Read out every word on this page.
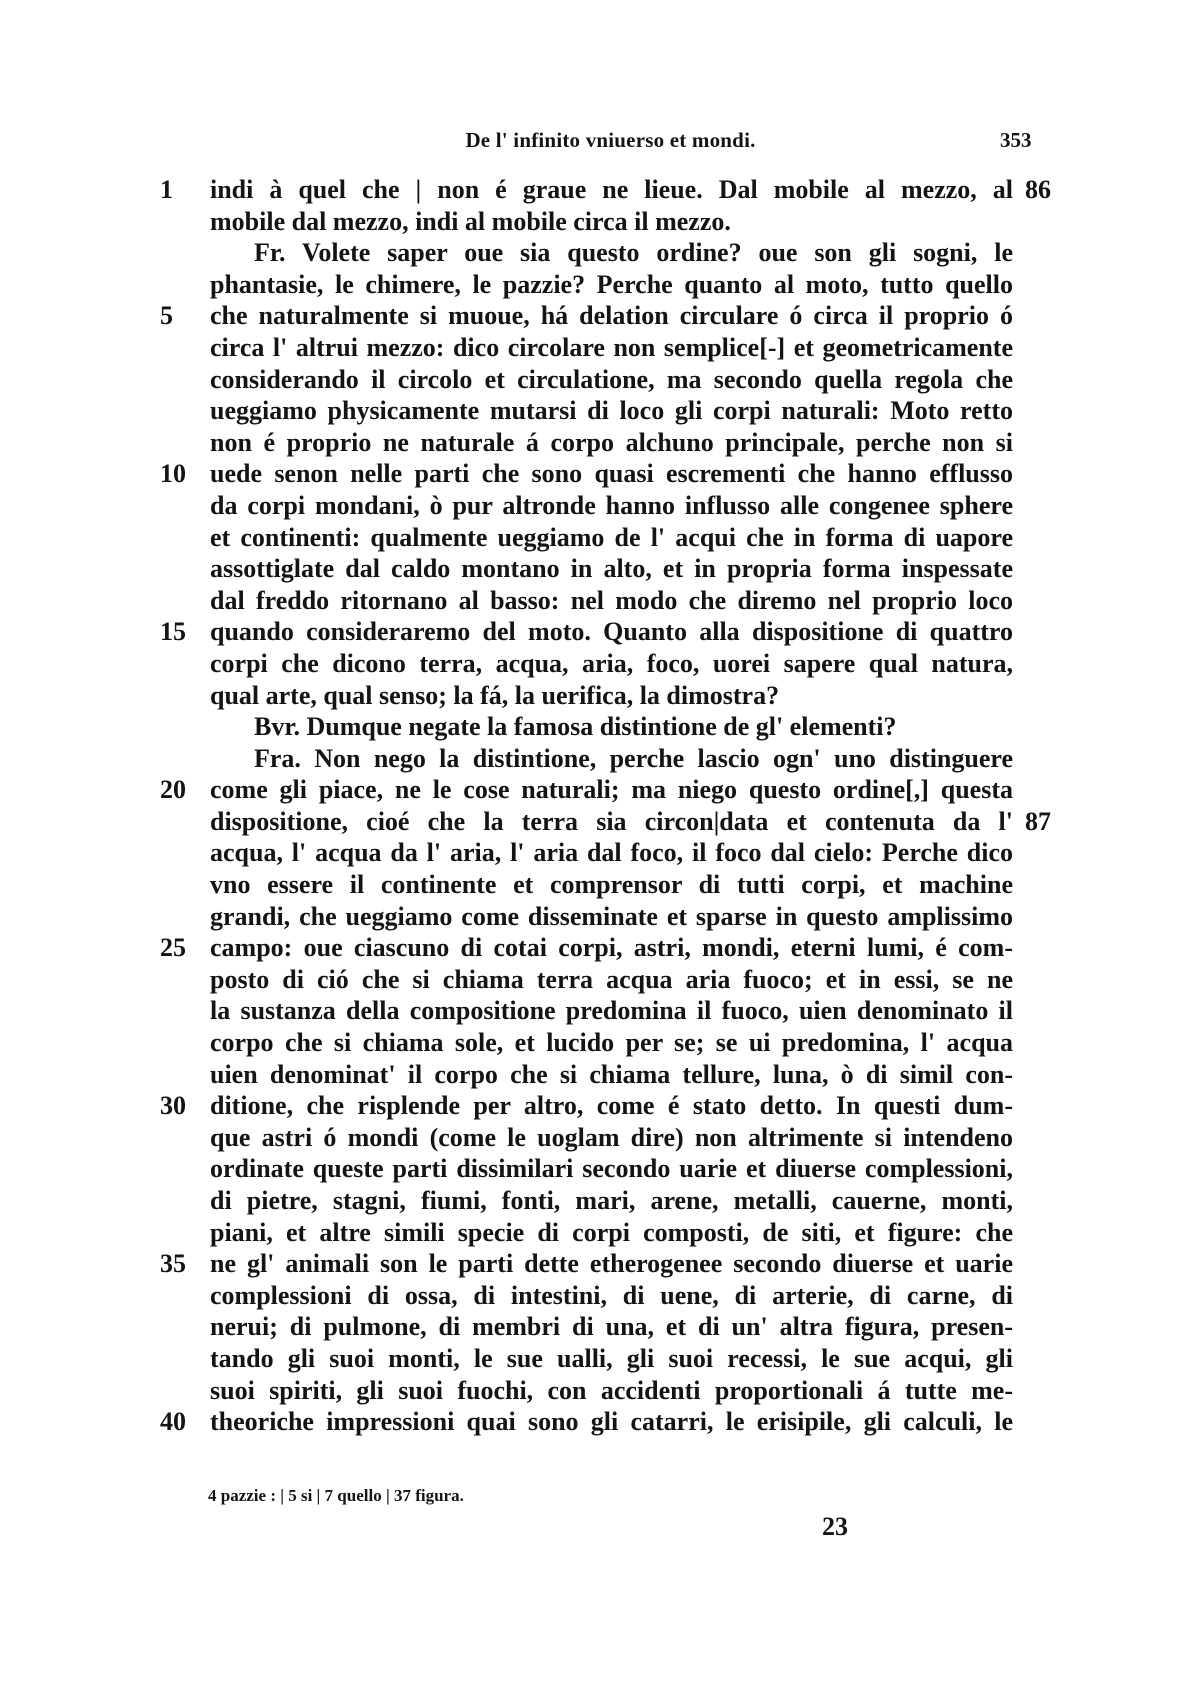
De l' infinito vniuerso et mondi.	353
1	indi à quel che | non é graue ne lieue. Dal mobile al mezzo, al 86
mobile dal mezzo, indi al mobile circa il mezzo.
Fr. Volete saper oue sia questo ordine? oue son gli sogni, le
phantasie, le chimere, le pazzie? Perche quanto al moto, tutto quello
5	che naturalmente si muoue, há delation circulare ó circa il proprio ó
circa l' altrui mezzo: dico circolare non semplice[-] et geometricamente
considerando il circolo et circulatione, ma secondo quella regola che
ueggiamo physicamente mutarsi di loco gli corpi naturali: Moto retto
non é proprio ne naturale á corpo alchuno principale, perche non si
10 uede senon nelle parti che sono quasi escrementi che hanno efflusso
da corpi mondani, ò pur altronde hanno influsso alle congenee sphere
et continenti: qualmente ueggiamo de l' acqui che in forma di uapore
assottiglate dal caldo montano in alto, et in propria forma inspessate
dal freddo ritornano al basso: nel modo che diremo nel proprio loco
15 quando consideraremo del moto. Quanto alla dispositione di quattro
corpi che dicono terra, acqua, aria, foco, uorei sapere qual natura,
qual arte, qual senso; la fá, la uerifica, la dimostra?
Bvr. Dumque negate la famosa distintione de gl' elementi?
Fra. Non nego la distintione, perche lascio ogn' uno distinguere
20 come gli piace, ne le cose naturali; ma niego questo ordine[,] questa
dispositione, cioé che la terra sia circon|data et contenuta da l' 87
acqua, l' acqua da l' aria, l' aria dal foco, il foco dal cielo: Perche dico
vno essere il continente et comprensor di tutti corpi, et machine
grandi, che ueggiamo come disseminate et sparse in questo amplissimo
25 campo: oue ciascuno di cotai corpi, astri, mondi, eterni lumi, é com-
posto di ció che si chiama terra acqua aria fuoco; et in essi, se ne
la sustanza della compositione predomina il fuoco, uien denominato il
corpo che si chiama sole, et lucido per se; se ui predomina, l' acqua
uien denominat' il corpo che si chiama tellure, luna, ò di simil con-
30 ditione, che risplende per altro, come é stato detto. In questi dum-
que astri ó mondi (come le uoglam dire) non altrimente si intendeno
ordinate queste parti dissimilari secondo uarie et diuerse complessioni,
di pietre, stagni, fiumi, fonti, mari, arene, metalli, cauerne, monti,
piani, et altre simili specie di corpi composti, de siti, et figure: che
35 ne gl' animali son le parti dette etherogenee secondo diuerse et uarie
complessioni di ossa, di intestini, di uene, di arterie, di carne, di
nerui; di pulmone, di membri di una, et di un' altra figura, presen-
tando gli suoi monti, le sue ualli, gli suoi recessi, le sue acqui, gli
suoi spiriti, gli suoi fuochi, con accidenti proportionali á tutte me-
40 theoriche impressioni quai sono gli catarri, le erisipile, gli calculi, le
4 pazzie : | 5 si | 7 quello | 37 figura.
23
